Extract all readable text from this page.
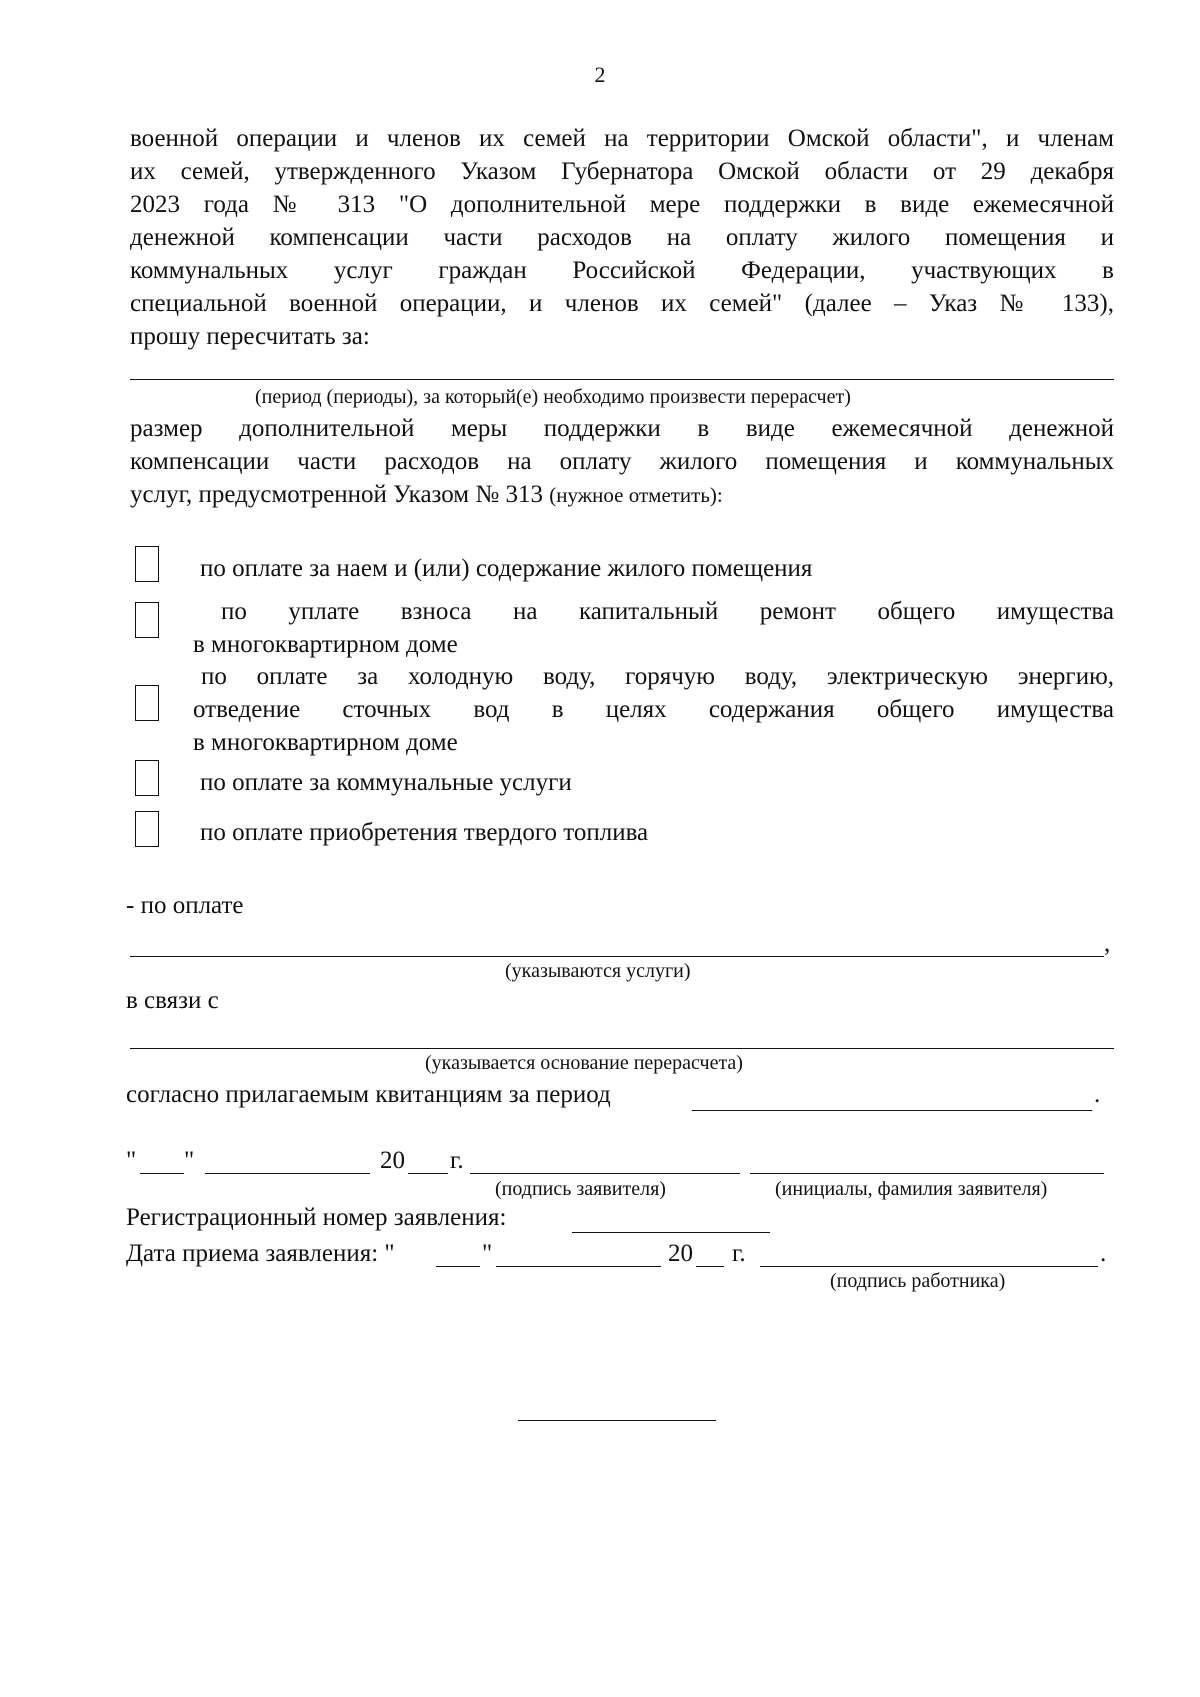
2
военной операции и членов их семей на территории Омской области", и членам
их семей, утвержденного Указом Губернатора Омской области от 29 декабря
2023 года № 313 "О дополнительной мере поддержки в виде ежемесячной
денежной компенсации части расходов на оплату жилого помещения и
коммунальных услуг граждан Российской Федерации, участвующих в
специальной военной операции, и членов их семей" (далее – Указ № 133),
прошу пересчитать за:
(период (периоды), за который(е) необходимо произвести перерасчет)
размер дополнительной меры поддержки в виде ежемесячной денежной
компенсации части расходов на оплату жилого помещения и коммунальных
услуг, предусмотренной Указом № 313 (нужное отметить):
по оплате за наем и (или) содержание жилого помещения
по уплате взноса на капитальный ремонт общего имущества
в многоквартирном доме
по оплате за холодную воду, горячую воду, электрическую энергию,
отведение сточных вод в целях содержания общего имущества
в многоквартирном доме
по оплате за коммунальные услуги
по оплате приобретения твердого топлива
- по оплате
,
(указываются услуги)
в связи с
(указывается основание перерасчета)
согласно прилагаемым квитанциям за период	.
" "	20 г.
(подпись заявителя)	(инициалы, фамилия заявителя)
Регистрационный номер заявления:
Дата приема заявления: "	"	20 г.	.
(подпись работника)
